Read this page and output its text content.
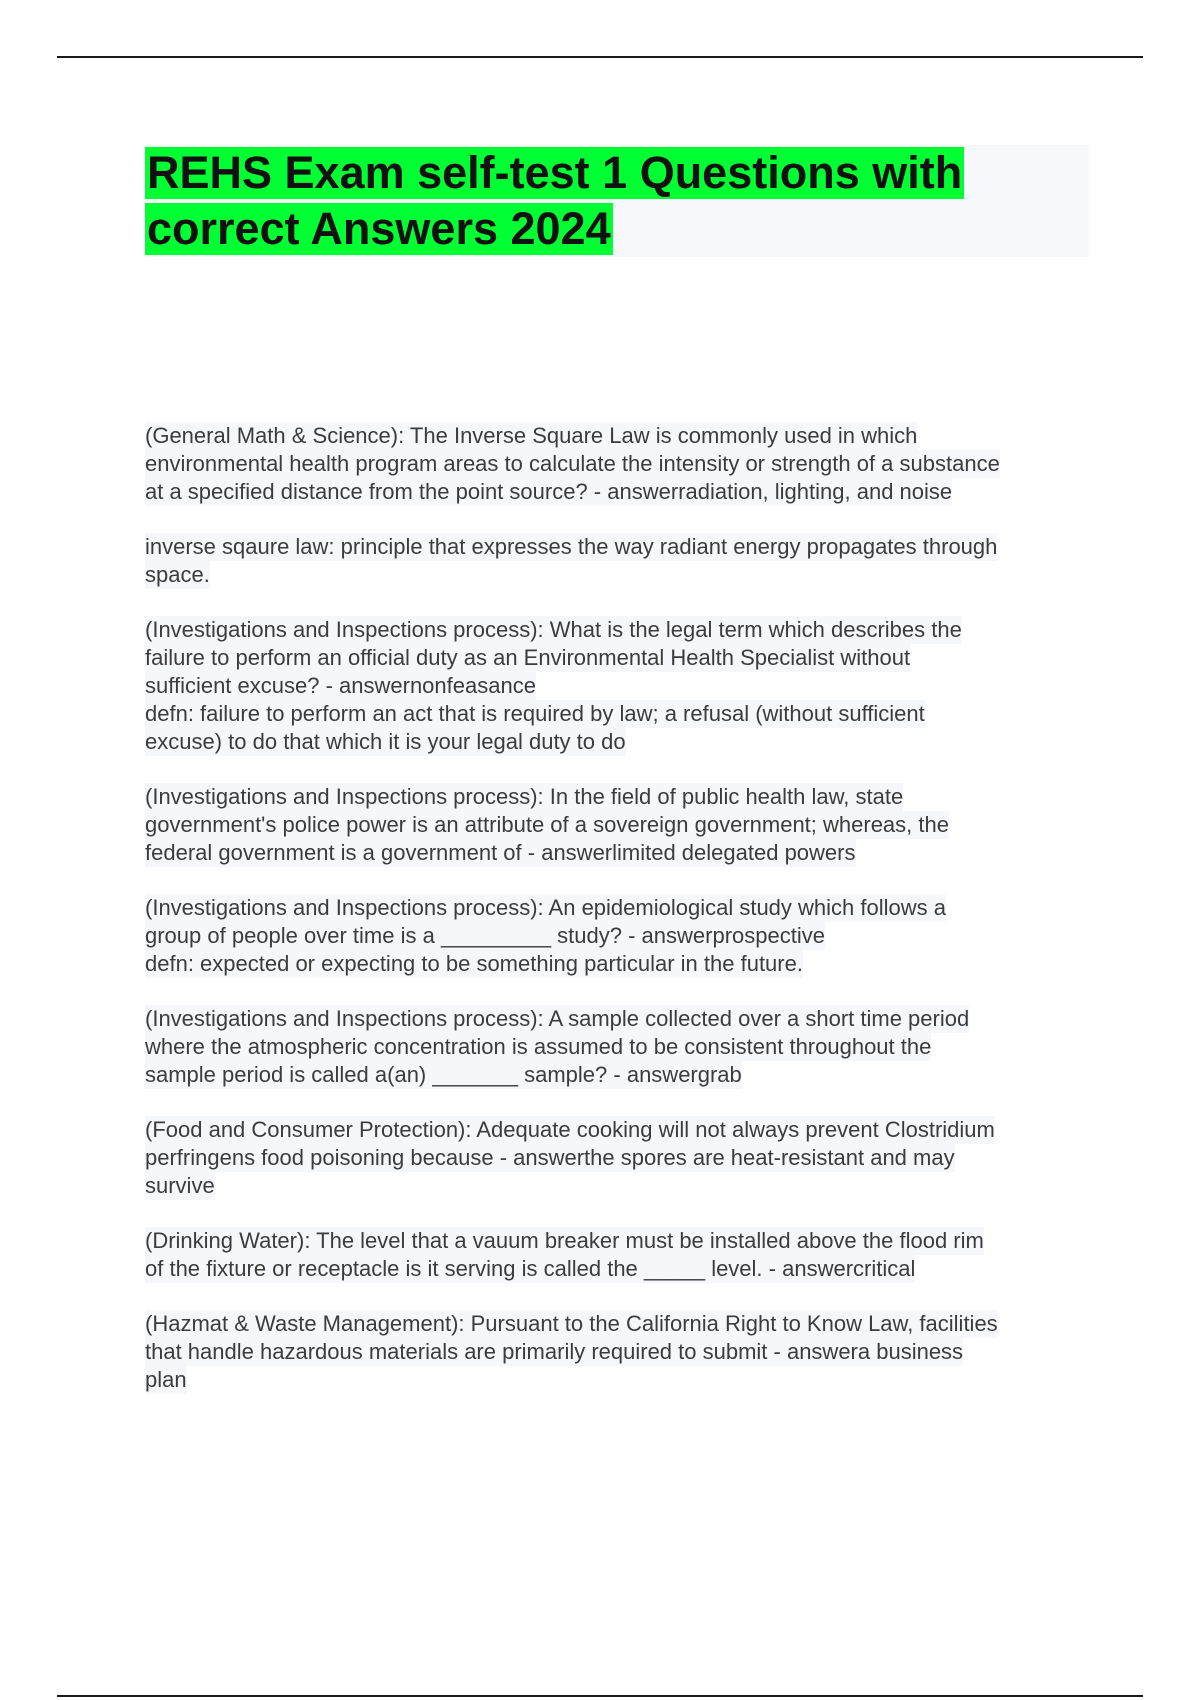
REHS Exam self-test 1 Questions with
correct Answers 2024

(General Math & Science): The Inverse Square Law is commonly used in which
environmental health program areas to calculate the intensity or strength of a substance
at a specified distance from the point source? - answerradiation, lighting, and noise

inverse sqaure law: principle that expresses the way radiant energy propagates through
space.

(Investigations and Inspections process): What is the legal term which describes the
failure to perform an official duty as an Environmental Health Specialist without
sufficient excuse? - answernonfeasance
defn: failure to perform an act that is required by law; a refusal (without sufficient
excuse) to do that which it is your legal duty to do

(Investigations and Inspections process): In the field of public health law, state
government's police power is an attribute of a sovereign government; whereas, the
federal government is a government of - answerlimited delegated powers

(Investigations and Inspections process): An epidemiological study which follows a
group of people over time is a _________ study? - answerprospective
defn: expected or expecting to be something particular in the future.

(Investigations and Inspections process): A sample collected over a short time period
where the atmospheric concentration is assumed to be consistent throughout the
sample period is called a(an) _______ sample? - answergrab

(Food and Consumer Protection): Adequate cooking will not always prevent Clostridium
perfringens food poisoning because - answerthe spores are heat-resistant and may
survive

(Drinking Water): The level that a vauum breaker must be installed above the flood rim
of the fixture or receptacle is it serving is called the _____ level. - answercritical

(Hazmat & Waste Management): Pursuant to the California Right to Know Law, facilities
that handle hazardous materials are primarily required to submit - answera business
plan
